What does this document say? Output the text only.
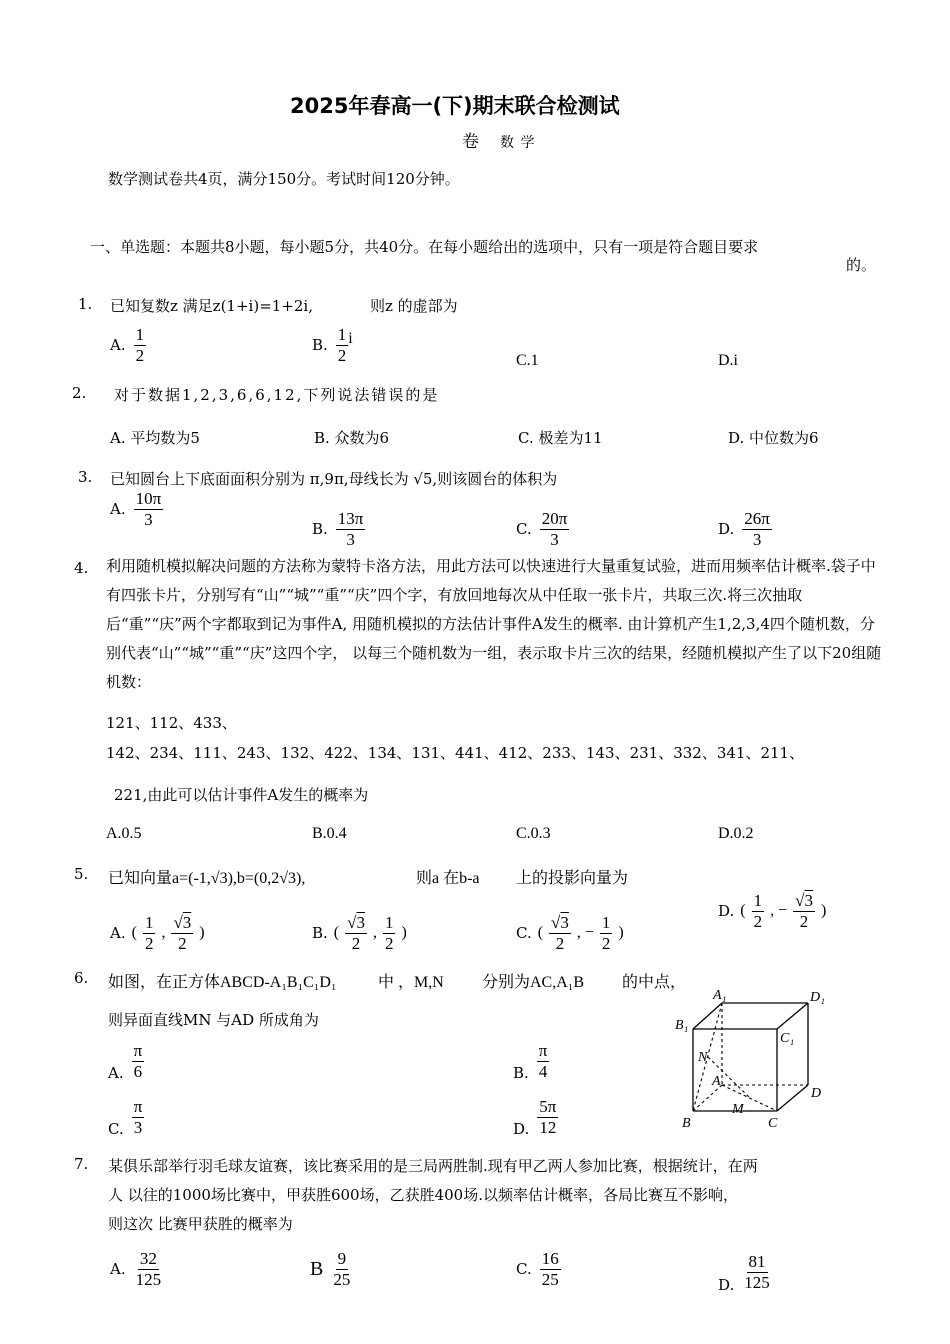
2025年春高一(下)期末联合检测试
卷 数 学
数学测试卷共4页，满分150分。考试时间120分钟。
一、单选题：本题共8小题，每小题5分，共40分。在每小题给出的选项中，只有一项是符合题目要求
的。
1. 已知复数z 满足z(1+i)=1+2i,	则z 的虚部为
A. $\frac{1}{2}$	B. $\frac{1}{2}$ i
C.1	D.i
2. 对于数据1,2,3,6,6,12,下列说法错误的是
A. 平均数为5	B. 众数为6	C. 极差为11	D. 中位数为6
3. 已知圆台上下底面面积分别为 π,9π,母线长为 √5,则该圆台的体积为
A. $\frac{10\pi}{3}$
B. $\frac{13\pi}{3}$	C. $\frac{20\pi}{3}$	D. $\frac{26\pi}{3}$
4. 利用随机模拟解决问题的方法称为蒙特卡洛方法，用此方法可以快速进行大量重复试验，进而用频率估计概率.袋子中有四张卡片，分别写有“山”“城”“重”“庆”四个字，有放回地每次从中任取一张卡片，共取三次.将三次抽取后“重”“庆”两个字都取到记为事件A, 用随机模拟的方法估计事件A发生的概率. 由计算机产生1,2,3,4四个随机数，分别代表“山”“城”“重”“庆”这四个字， 以每三个随机数为一组，表示取卡片三次的结果，经随机模拟产生了以下20组随机数：
121、112、433、
142、234、111、243、132、422、134、131、441、412、233、143、231、332、341、211、
221,由此可以估计事件A发生的概率为
A.0.5	B.0.4	C.0.3	D.0.2
5. 已知向量a=(-1,√3),b=(0,2√3),	则a 在b-a 上的投影向量为
A. ( $\frac{1}{2}$ , $\frac{√3}{2}$ )	B. ( $\frac{√3}{2}$ , $\frac{1}{2}$ )	C. ( $\frac{√3}{2}$ , − $\frac{1}{2}$ )
D. ( $\frac{1}{2}$ , − $\frac{√3}{2}$ )
6. 如图，在正方体ABCD-A₁B₁C₁D₁	中 ，M,N 分别为AC,A₁B 的中点，
则异面直线MN 与AD 所成角为
A. $\frac{\pi}{6}$	B. $\frac{\pi}{4}$
C. $\frac{\pi}{3}$	D. $\frac{5\pi}{12}$
A₁	D₁
B₁
C₁
N
A
D
M
B	C
7. 某俱乐部举行羽毛球友谊赛，该比赛采用的是三局两胜制.现有甲乙两人参加比赛，根据统计，在两
人 以往的1000场比赛中，甲获胜600场，乙获胜400场.以频率估计概率，各局比赛互不影响，
则这次 比赛甲获胜的概率为
A. $\frac{32}{125}$	B $\frac{9}{25}$	C. $\frac{16}{25}$	D. $\frac{81}{125}$
